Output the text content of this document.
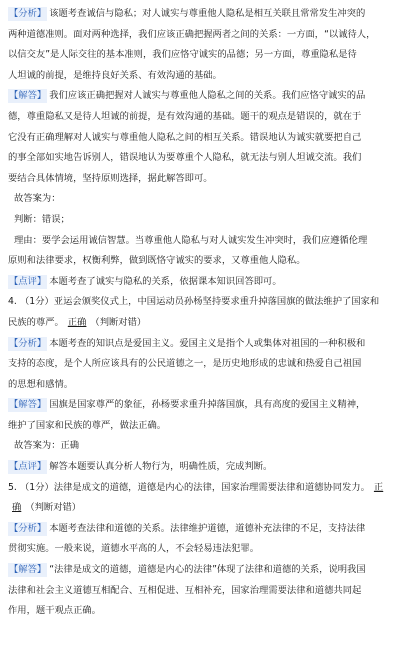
【分析】 该题考查诚信与隐私；对人诚实与尊重他人隐私是相互关联且常常发生冲突的
两种道德准则。面对两种选择，我们应该正确把握两者之间的关系：一方面，“以诚待人，
以信交友”是人际交往的基本准则，我们应恪守诚实的品德；另一方面，尊重隐私是待
人坦诚的前提，是维持良好关系、有效沟通的基础。
【解答】 我们应该正确把握对人诚实与尊重他人隐私之间的关系。我们应恪守诚实的品
德，尊重隐私又是待人坦诚的前提，是有效沟通的基础。题干的观点是错误的，就在于
它没有正确理解对人诚实与尊重他人隐私之间的相互关系。错误地认为诚实就要把自己
的事全部如实地告诉别人，错误地认为要尊重个人隐私，就无法与别人坦诚交流。我们
要结合具体情境，坚持原则选择，据此解答即可。
故答案为：
判断：错误；
理由：要学会运用诚信智慧。当尊重他人隐私与对人诚实发生冲突时，我们应遵循伦理
原则和法律要求，权衡利弊，做到既恪守诚实的要求，又尊重他人隐私。
【点评】 本题考查了诚实与隐私的关系，依据课本知识回答即可。
4. （1分）亚运会颁奖仪式上，中国运动员孙杨坚持要求重升掉落国旗的做法维护了国家和
民族的尊严。 正确 （判断对错）
【分析】 本题考查的知识点是爱国主义。爱国主义是指个人或集体对祖国的一种积极和
支持的态度，是个人所应该具有的公民道德之一，是历史地形成的忠诚和热爱自己祖国
的思想和感情。
【解答】 国旗是国家尊严的象征，孙杨要求重升掉落国旗，具有高度的爱国主义精神，
维护了国家和民族的尊严，做法正确。
故答案为：正确
【点评】 解答本题要认真分析人物行为，明确性质，完成判断。
5. （1分）法律是成文的道德，道德是内心的法律，国家治理需要法律和道德协同发力。 正
确 （判断对错）
【分析】 本题考查法律和道德的关系。法律维护道德，道德补充法律的不足，支持法律
贯彻实施。一般来说，道德水平高的人，不会轻易违法犯罪。
【解答】 “法律是成文的道德，道德是内心的法律”体现了法律和道德的关系，说明我国
法律和社会主义道德互相配合、互相促进、互相补充，国家治理需要法律和道德共同起
作用，题干观点正确。
